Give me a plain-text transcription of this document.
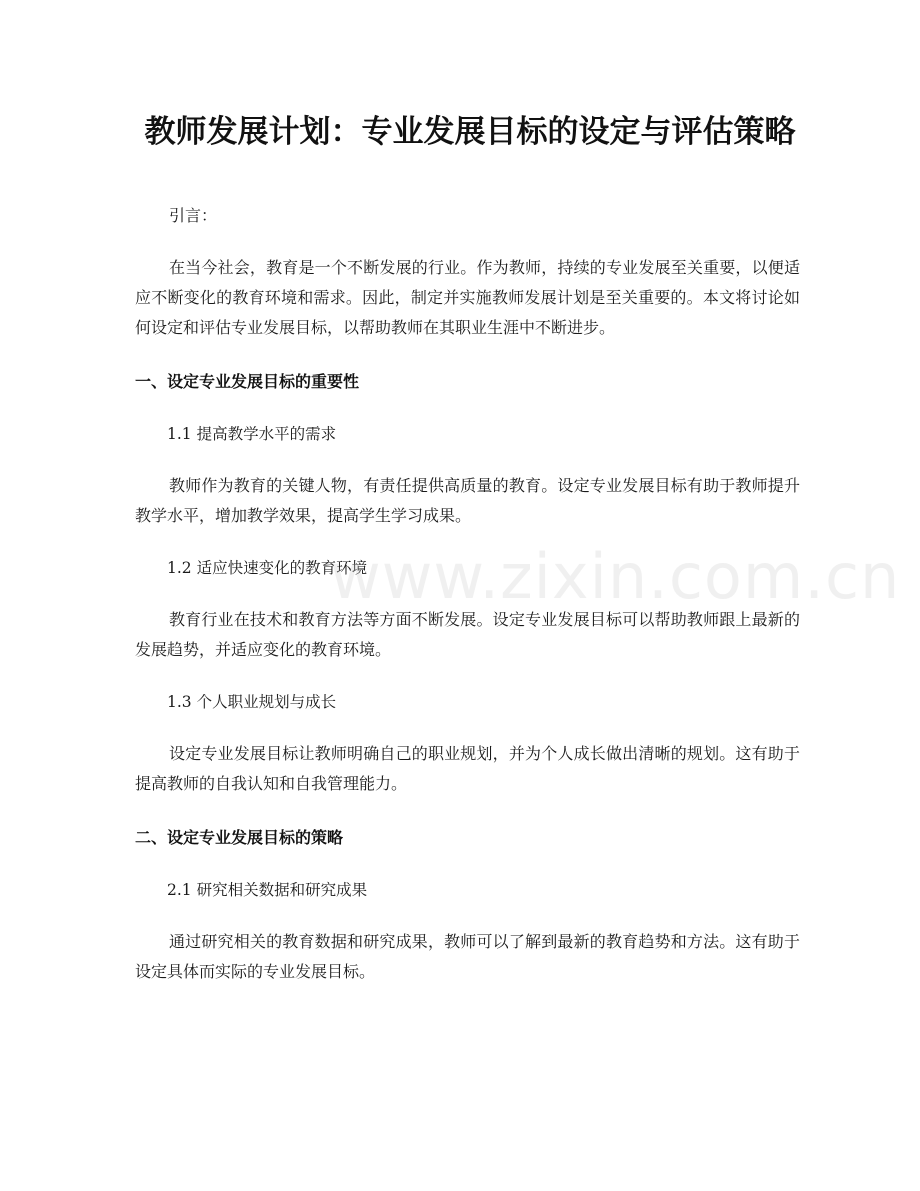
教师发展计划：专业发展目标的设定与评估策略

引言：

在当今社会，教育是一个不断发展的行业。作为教师，持续的专业发展至关重要，以便适应不断变化的教育环境和需求。因此，制定并实施教师发展计划是至关重要的。本文将讨论如何设定和评估专业发展目标，以帮助教师在其职业生涯中不断进步。

一、设定专业发展目标的重要性

1.1 提高教学水平的需求

教师作为教育的关键人物，有责任提供高质量的教育。设定专业发展目标有助于教师提升教学水平，增加教学效果，提高学生学习成果。

1.2 适应快速变化的教育环境

教育行业在技术和教育方法等方面不断发展。设定专业发展目标可以帮助教师跟上最新的发展趋势，并适应变化的教育环境。

1.3 个人职业规划与成长

设定专业发展目标让教师明确自己的职业规划，并为个人成长做出清晰的规划。这有助于提高教师的自我认知和自我管理能力。

二、设定专业发展目标的策略

2.1 研究相关数据和研究成果

通过研究相关的教育数据和研究成果，教师可以了解到最新的教育趋势和方法。这有助于设定具体而实际的专业发展目标。

www.zixin.com.cn
